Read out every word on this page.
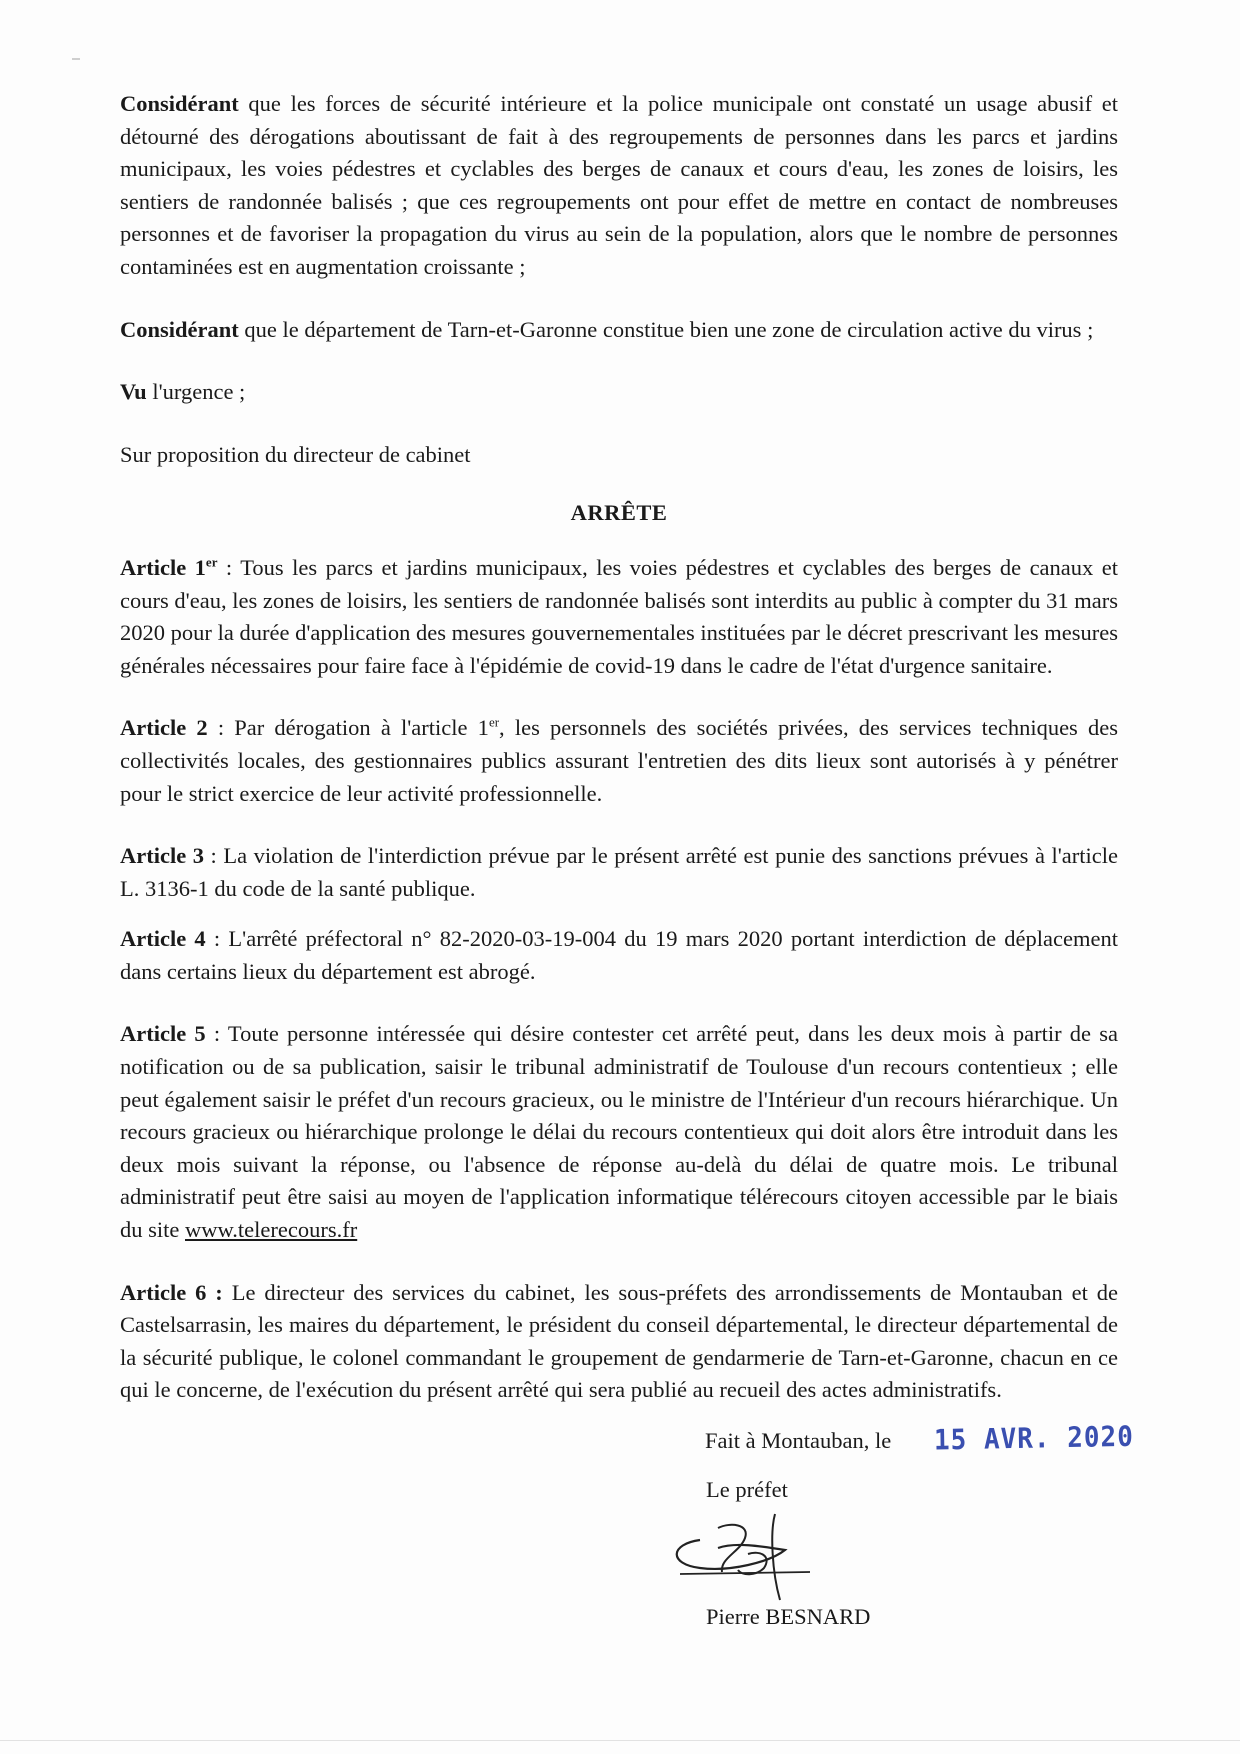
Considérant que les forces de sécurité intérieure et la police municipale ont constaté un usage abusif et détourné des dérogations aboutissant de fait à des regroupements de personnes dans les parcs et jardins municipaux, les voies pédestres et cyclables des berges de canaux et cours d'eau, les zones de loisirs, les sentiers de randonnée balisés ; que ces regroupements ont pour effet de mettre en contact de nombreuses personnes et de favoriser la propagation du virus au sein de la population, alors que le nombre de personnes contaminées est en augmentation croissante ;

Considérant que le département de Tarn-et-Garonne constitue bien une zone de circulation active du virus ;

Vu l'urgence ;

Sur proposition du directeur de cabinet

ARRÊTE

Article 1er : Tous les parcs et jardins municipaux, les voies pédestres et cyclables des berges de canaux et cours d'eau, les zones de loisirs, les sentiers de randonnée balisés sont interdits au public à compter du 31 mars 2020 pour la durée d'application des mesures gouvernementales instituées par le décret prescrivant les mesures générales nécessaires pour faire face à l'épidémie de covid-19 dans le cadre de l'état d'urgence sanitaire.

Article 2 : Par dérogation à l'article 1er, les personnels des sociétés privées, des services techniques des collectivités locales, des gestionnaires publics assurant l'entretien des dits lieux sont autorisés à y pénétrer pour le strict exercice de leur activité professionnelle.

Article 3 : La violation de l'interdiction prévue par le présent arrêté est punie des sanctions prévues à l'article L. 3136-1 du code de la santé publique.

Article 4 : L'arrêté préfectoral n° 82-2020-03-19-004 du 19 mars 2020 portant interdiction de déplacement dans certains lieux du département est abrogé.

Article 5 : Toute personne intéressée qui désire contester cet arrêté peut, dans les deux mois à partir de sa notification ou de sa publication, saisir le tribunal administratif de Toulouse d'un recours contentieux ; elle peut également saisir le préfet d'un recours gracieux, ou le ministre de l'Intérieur d'un recours hiérarchique. Un recours gracieux ou hiérarchique prolonge le délai du recours contentieux qui doit alors être introduit dans les deux mois suivant la réponse, ou l'absence de réponse au-delà du délai de quatre mois. Le tribunal administratif peut être saisi au moyen de l'application informatique télérecours citoyen accessible par le biais du site www.telerecours.fr

Article 6 : Le directeur des services du cabinet, les sous-préfets des arrondissements de Montauban et de Castelsarrasin, les maires du département, le président du conseil départemental, le directeur départemental de la sécurité publique, le colonel commandant le groupement de gendarmerie de Tarn-et-Garonne, chacun en ce qui le concerne, de l'exécution du présent arrêté qui sera publié au recueil des actes administratifs.

Fait à Montauban, le 15 AVR. 2020
Le préfet
Pierre BESNARD
